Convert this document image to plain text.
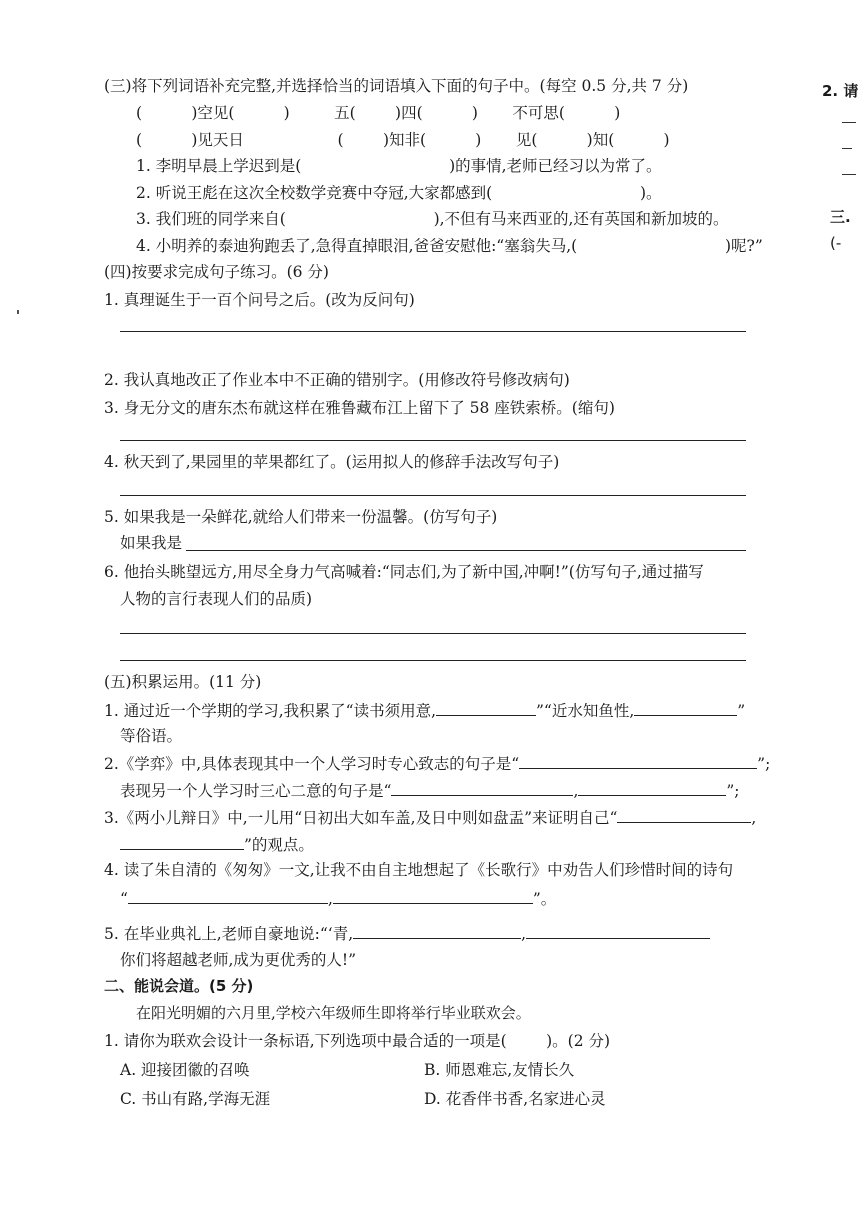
(三)将下列词语补充完整,并选择恰当的词语填入下面的句子中。(每空 0.5 分,共 7 分)
(          )空见(          )         五(        )四(          )       不可思(          )
(          )见天日                   (        )知非(          )       见(          )知(          )
1. 李明早晨上学迟到是(                              )的事情,老师已经习以为常了。
2. 听说王彪在这次全校数学竞赛中夺冠,大家都感到(                              )。
3. 我们班的同学来自(                              ),不但有马来西亚的,还有英国和新加坡的。
4. 小明养的泰迪狗跑丢了,急得直掉眼泪,爸爸安慰他:“塞翁失马,(                              )呢?”
(四)按要求完成句子练习。(6 分)
1. 真理诞生于一百个问号之后。(改为反问句)
2. 我认真地改正了作业本中不正确的错别字。(用修改符号修改病句)
3. 身无分文的唐东杰布就这样在雅鲁藏布江上留下了 58 座铁索桥。(缩句)
4. 秋天到了,果园里的苹果都红了。(运用拟人的修辞手法改写句子)
5. 如果我是一朵鲜花,就给人们带来一份温馨。(仿写句子)
如果我是
6. 他抬头眺望远方,用尽全身力气高喊着:“同志们,为了新中国,冲啊!”(仿写句子,通过描写
人物的言行表现人们的品质)
(五)积累运用。(11 分)
1. 通过近一个学期的学习,我积累了“读书须用意,	”“近水知鱼性,	”
等俗语。
2.《学弈》中,具体表现其中一个人学习时专心致志的句子是“	”;
表现另一个人学习时三心二意的句子是“	,	”;
3.《两小儿辩日》中,一儿用“日初出大如车盖,及日中则如盘盂”来证明自己“	,
”的观点。
4. 读了朱自清的《匆匆》一文,让我不由自主地想起了《长歌行》中劝告人们珍惜时间的诗句
“	,	”。
5. 在毕业典礼上,老师自豪地说:“‘青,	,
你们将超越老师,成为更优秀的人!”
二、能说会道。(5 分)
在阳光明媚的六月里,学校六年级师生即将举行毕业联欢会。
1. 请你为联欢会设计一条标语,下列选项中最合适的一项是(        )。(2 分)
A. 迎接团徽的召唤	B. 师恩难忘,友情长久
C. 书山有路,学海无涯	D. 花香伴书香,名家进心灵
2. 请
三.
(-
